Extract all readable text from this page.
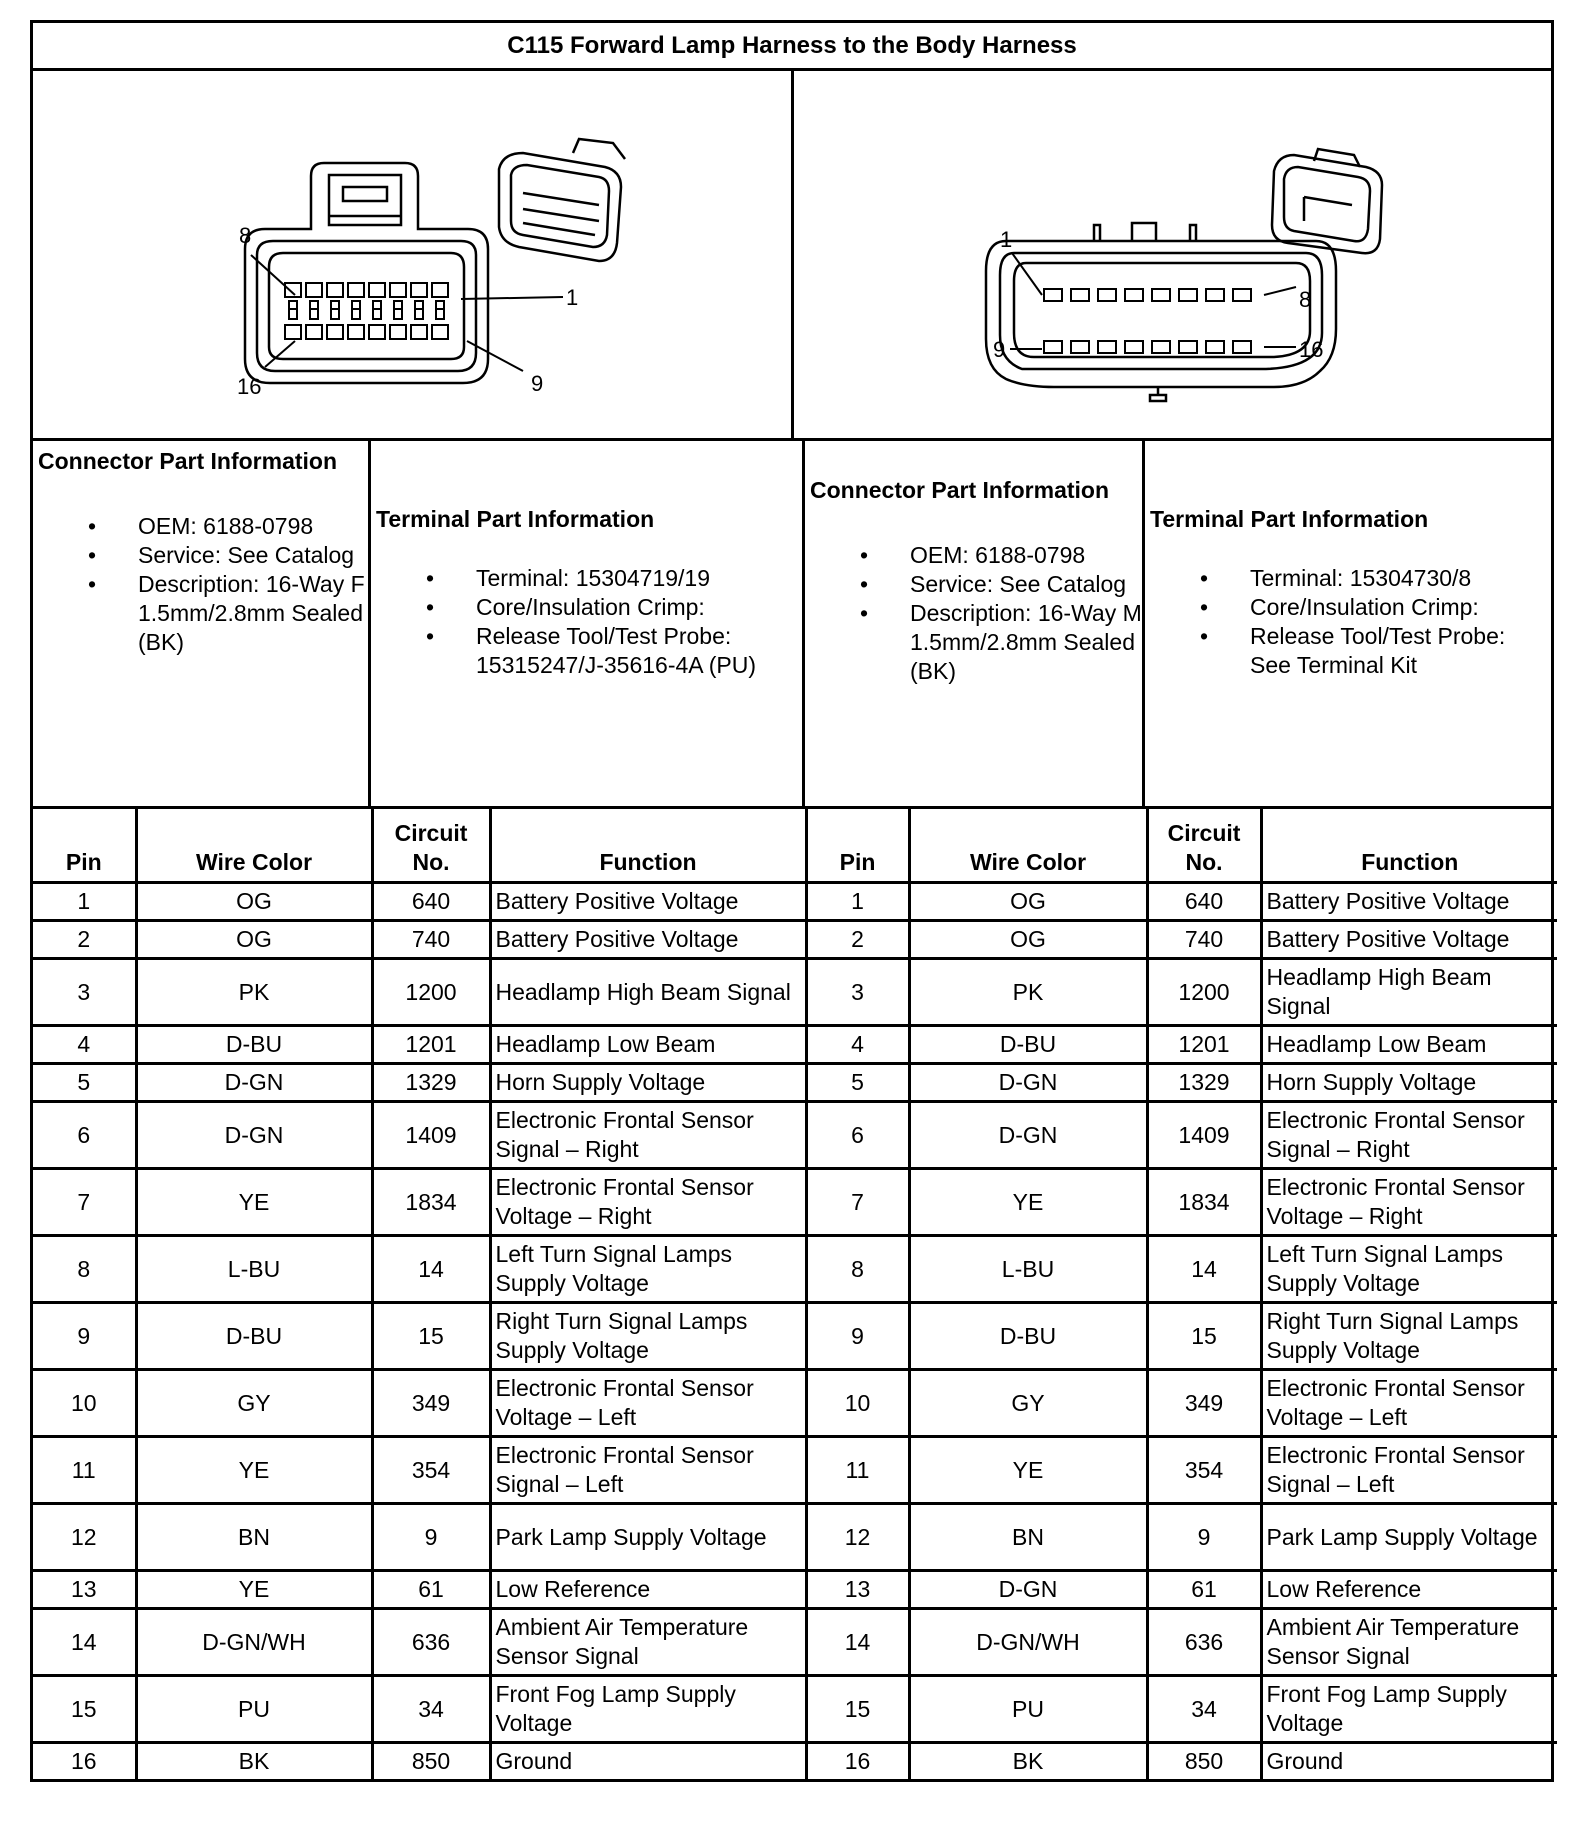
C115 Forward Lamp Harness to the Body Harness
8
1
16	9
1
8
9	16
Connector Part Information
• OEM: 6188-0798
• Service: See Catalog
• Description: 16-Way F 1.5mm/2.8mm Sealed (BK)
Terminal Part Information
• Terminal: 15304719/19
• Core/Insulation Crimp:
• Release Tool/Test Probe: 15315247/J-35616-4A (PU)
Connector Part Information
• OEM: 6188-0798
• Service: See Catalog
• Description: 16-Way M 1.5mm/2.8mm Sealed (BK)
Terminal Part Information
• Terminal: 15304730/8
• Core/Insulation Crimp:
• Release Tool/Test Probe: See Terminal Kit
Pin	Wire Color	Circuit No.	Function	Pin	Wire Color	Circuit No.	Function
1	OG	640	Battery Positive Voltage	1	OG	640	Battery Positive Voltage
2	OG	740	Battery Positive Voltage	2	OG	740	Battery Positive Voltage
3	PK	1200	Headlamp High Beam Signal	3	PK	1200	Headlamp High Beam Signal
4	D-BU	1201	Headlamp Low Beam	4	D-BU	1201	Headlamp Low Beam
5	D-GN	1329	Horn Supply Voltage	5	D-GN	1329	Horn Supply Voltage
6	D-GN	1409	Electronic Frontal Sensor Signal – Right	6	D-GN	1409	Electronic Frontal Sensor Signal – Right
7	YE	1834	Electronic Frontal Sensor Voltage – Right	7	YE	1834	Electronic Frontal Sensor Voltage – Right
8	L-BU	14	Left Turn Signal Lamps Supply Voltage	8	L-BU	14	Left Turn Signal Lamps Supply Voltage
9	D-BU	15	Right Turn Signal Lamps Supply Voltage	9	D-BU	15	Right Turn Signal Lamps Supply Voltage
10	GY	349	Electronic Frontal Sensor Voltage – Left	10	GY	349	Electronic Frontal Sensor Voltage – Left
11	YE	354	Electronic Frontal Sensor Signal – Left	11	YE	354	Electronic Frontal Sensor Signal – Left
12	BN	9	Park Lamp Supply Voltage	12	BN	9	Park Lamp Supply Voltage
13	YE	61	Low Reference	13	D-GN	61	Low Reference
14	D-GN/WH	636	Ambient Air Temperature Sensor Signal	14	D-GN/WH	636	Ambient Air Temperature Sensor Signal
15	PU	34	Front Fog Lamp Supply Voltage	15	PU	34	Front Fog Lamp Supply Voltage
16	BK	850	Ground	16	BK	850	Ground
